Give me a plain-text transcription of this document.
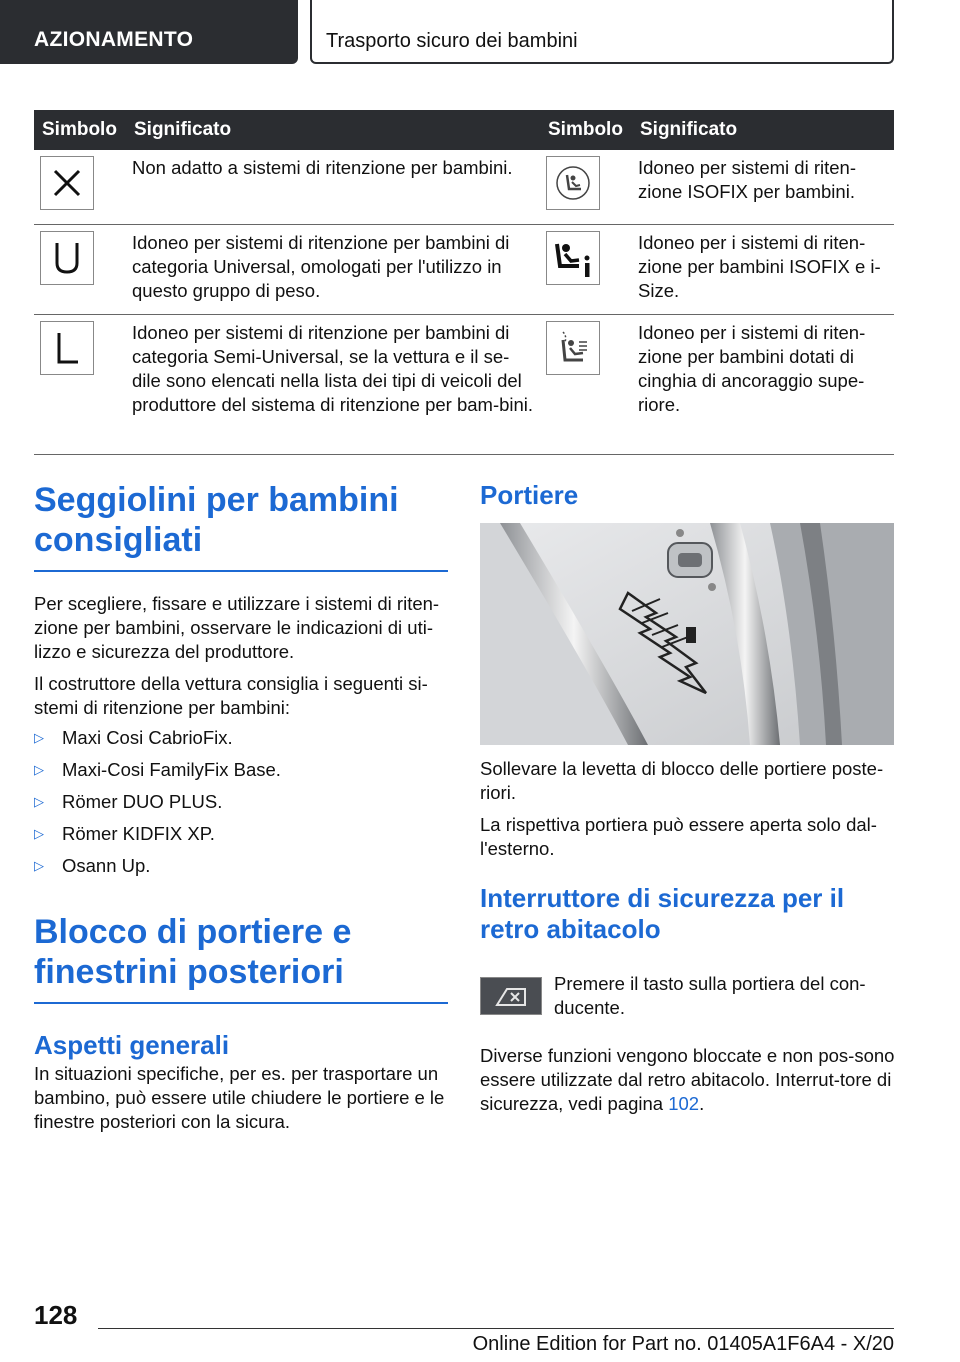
AZIONAMENTO	Trasporto sicuro dei bambini
Simbolo	Significato	Simbolo	Significato

	Non adatto a sistemi di ritenzione per bambini.		Idoneo per sistemi di riten-zione ISOFIX per bambini.

	Idoneo per sistemi di ritenzione per bambini di categoria Universal, omologati per l'utilizzo in questo gruppo di peso.		Idoneo per i sistemi di riten-zione per bambini ISOFIX e i-Size.

	Idoneo per sistemi di ritenzione per bambini di categoria Semi-Universal, se la vettura e il se-dile sono elencati nella lista dei tipi di veicoli del produttore del sistema di ritenzione per bam-bini.		Idoneo per i sistemi di riten-zione per bambini dotati di cinghia di ancoraggio supe-riore.
Seggiolini per bambini consigliati

Per scegliere, fissare e utilizzare i sistemi di riten-zione per bambini, osservare le indicazioni di uti-lizzo e sicurezza del produttore.

Il costruttore della vettura consiglia i seguenti si-stemi di ritenzione per bambini:

▷ Maxi Cosi CabrioFix.
▷ Maxi-Cosi FamilyFix Base.
▷ Römer DUO PLUS.
▷ Römer KIDFIX XP.
▷ Osann Up.
Blocco di portiere e finestrini posteriori
Aspetti generali

In situazioni specifiche, per es. per trasportare un bambino, può essere utile chiudere le portiere e le finestre posteriori con la sicura.

Portiere

Sollevare la levetta di blocco delle portiere poste-riori.

La rispettiva portiera può essere aperta solo dal-l'esterno.

Interruttore di sicurezza per il retro abitacolo

Premere il tasto sulla portiera del con-ducente.

Diverse funzioni vengono bloccate e non pos-sono essere utilizzate dal retro abitacolo. Interrut-tore di sicurezza, vedi pagina 102.

128
Online Edition for Part no. 01405A1F6A4 - X/20
